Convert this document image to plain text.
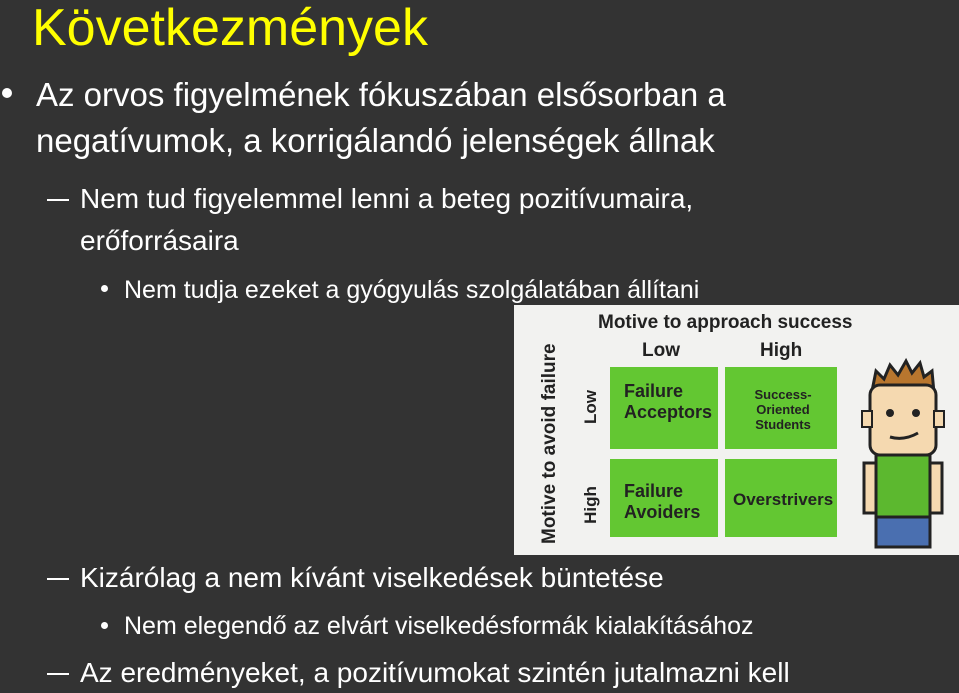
Következmények
Az orvos figyelmének fókuszában elsősorban a negatívumok, a korrigálandó jelenségek állnak
Nem tud figyelemmel lenni a beteg pozitívumaira,
erőforrásaira
Nem tudja ezeket a gyógyulás szolgálatában állítani
Motive to approach success
Low	High
Motive to avoid failure Low
High
Failure
Acceptors
Success-Oriented
Students
Failure
Avoiders
Overstrivers
Kizárólag a nem kívánt viselkedések büntetése
Nem elegendő az elvárt viselkedésformák kialakításához
Az eredményeket, a pozitívumokat szintén jutalmazni kell
